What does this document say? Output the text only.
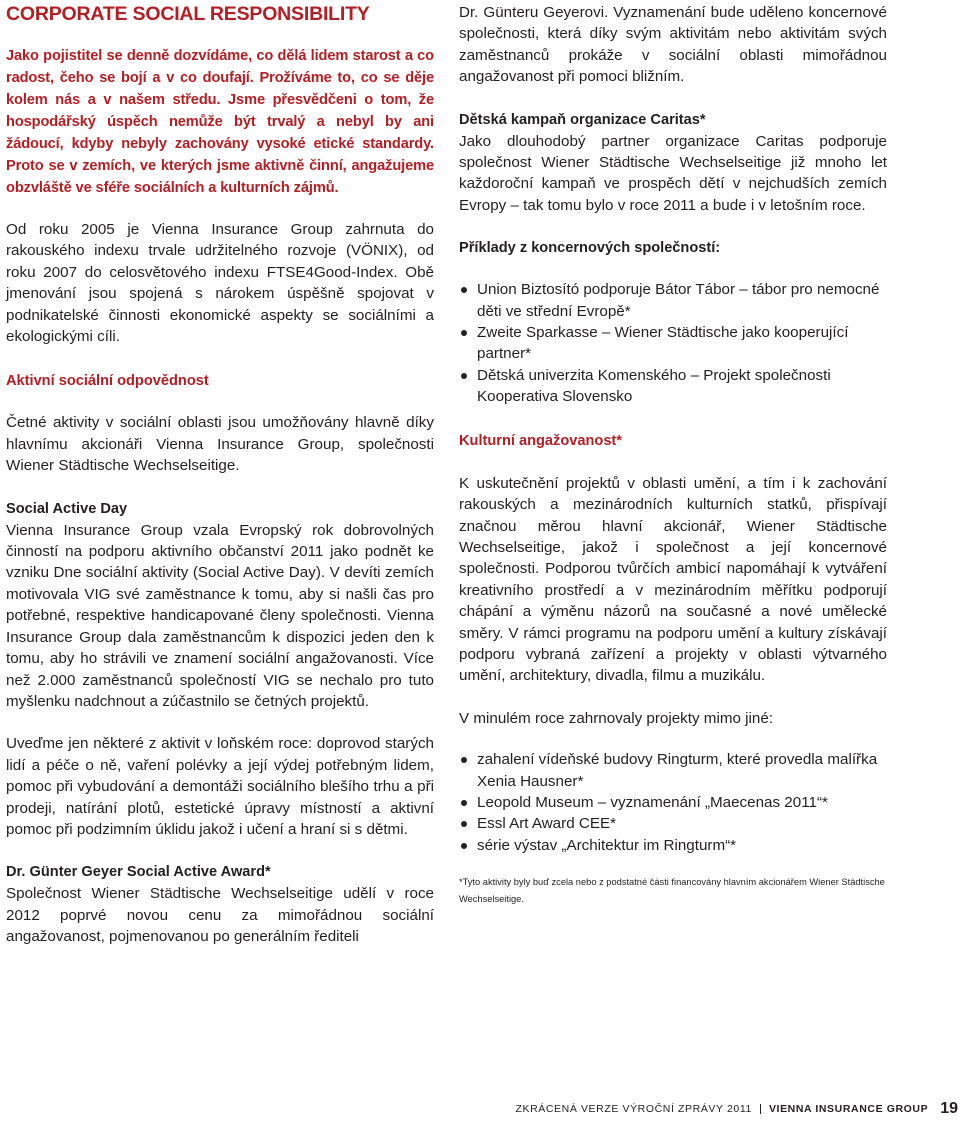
CORPORATE SOCIAL RESPONSIBILITY

Jako pojistitel se denně dozvídáme, co dělá lidem starost a co radost, čeho se bojí a v co doufají. Prožíváme to, co se děje kolem nás a v našem středu. Jsme přesvědčeni o tom, že hospodářský úspěch nemůže být trvalý a nebyl by ani žádoucí, kdyby nebyly zachovány vysoké etické standardy. Proto se v zemích, ve kterých jsme aktivně činní, angažujeme obzvláště ve sféře sociálních a kulturních zájmů.

Od roku 2005 je Vienna Insurance Group zahrnuta do rakouského indexu trvale udržitelného rozvoje (VÖNIX), od roku 2007 do celosvětového indexu FTSE4Good-Index. Obě jmenování jsou spojená s nárokem úspěšně spojovat v podnikatelské činnosti ekonomické aspekty se sociálními a ekologickými cíli.

Aktivní sociální odpovědnost

Četné aktivity v sociální oblasti jsou umožňovány hlavně díky hlavnímu akcionáři Vienna Insurance Group, společnosti Wiener Städtische Wechselseitige.

Social Active Day

Vienna Insurance Group vzala Evropský rok dobrovolných činností na podporu aktivního občanství 2011 jako podnět ke vzniku Dne sociální aktivity (Social Active Day). V devíti zemích motivovala VIG své zaměstnance k tomu, aby si našli čas pro potřebné, respektive handicapované členy společnosti. Vienna Insurance Group dala zaměstnancům k dispozici jeden den k tomu, aby ho strávili ve znamení sociální angažovanosti. Více než 2.000 zaměstnanců společností VIG se nechalo pro tuto myšlenku nadchnout a zúčastnilo se četných projektů.

Uveďme jen některé z aktivit v loňském roce: doprovod starých lidí a péče o ně, vaření polévky a její výdej potřebným lidem, pomoc při vybudování a demontáži sociálního blešího trhu a při prodeji, natírání plotů, estetické úpravy místností a aktivní pomoc při podzimním úklidu jakož i učení a hraní si s dětmi.

Dr. Günter Geyer Social Active Award*

Společnost Wiener Städtische Wechselseitige udělí v roce 2012 poprvé novou cenu za mimořádnou sociální angažovanost, pojmenovanou po generálním řediteli

Dr. Günteru Geyerovi. Vyznamenání bude uděleno koncernové společnosti, která díky svým aktivitám nebo aktivitám svých zaměstnanců prokáže v sociální oblasti mimořádnou angažovanost při pomoci bližním.

Dětská kampaň organizace Caritas*

Jako dlouhodobý partner organizace Caritas podporuje společnost Wiener Städtische Wechselseitige již mnoho let každoroční kampaň ve prospěch dětí v nejchudších zemích Evropy – tak tomu bylo v roce 2011 a bude i v letošním roce.

Příklady z koncernových společností:
Union Biztosító podporuje Bátor Tábor – tábor pro nemocné děti ve střední Evropě*
Zweite Sparkasse – Wiener Städtische jako kooperující partner*
Dětská univerzita Komenského – Projekt společnosti Kooperativa Slovensko
Kulturní angažovanost*

K uskutečnění projektů v oblasti umění, a tím i k zachování rakouských a mezinárodních kulturních statků, přispívají značnou měrou hlavní akcionář, Wiener Städtische Wechselseitige, jakož i společnost a její koncernové společnosti. Podporou tvůrčích ambicí napomáhají k vytváření kreativního prostředí a v mezinárodním měřítku podporují chápání a výměnu názorů na současné a nové umělecké směry. V rámci programu na podporu umění a kultury získávají podporu vybraná zařízení a projekty v oblasti výtvarného umění, architektury, divadla, filmu a muzikálu.

V minulém roce zahrnovaly projekty mimo jiné:

zahalení vídeňské budovy Ringturm, které provedla malířka Xenia Hausner*
Leopold Museum – vyznamenání „Maecenas 2011“*
Essl Art Award CEE*
série výstav „Architektur im Ringturm“*

*Tyto aktivity byly buď zcela nebo z podstatné části financovány hlavním akcionářem Wiener Städtische Wechselseitige.

ZKRÁCENÁ VERZE VÝROČNÍ ZPRÁVY 2011 VIENNA INSURANCE GROUP 19
